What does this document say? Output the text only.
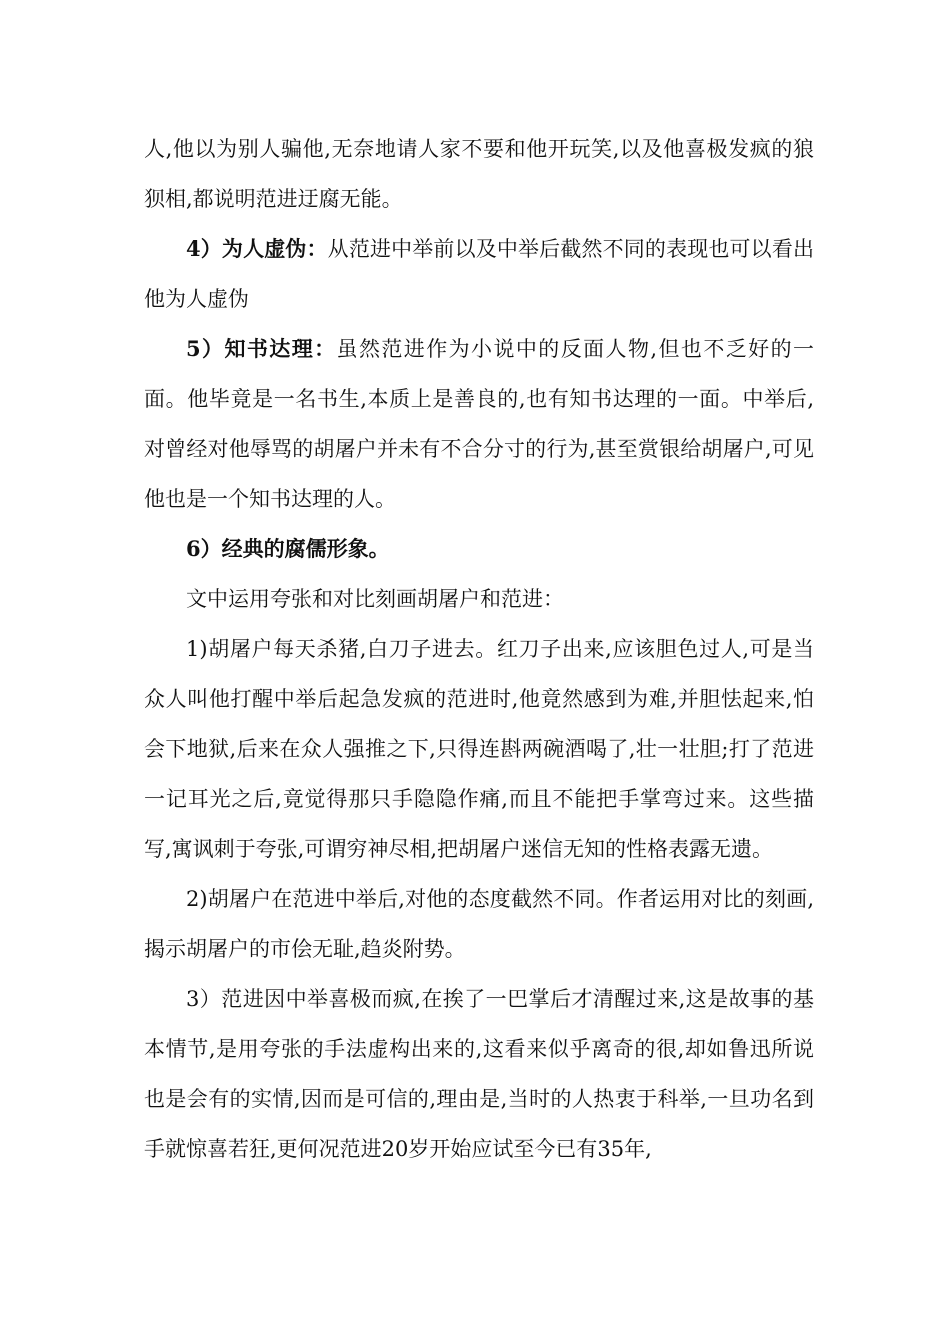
人,他以为别人骗他,无奈地请人家不要和他开玩笑,以及他喜极发疯的狼狈相,都说明范进迂腐无能。

4）为人虚伪：从范进中举前以及中举后截然不同的表现也可以看出他为人虚伪

5）知书达理：虽然范进作为小说中的反面人物,但也不乏好的一面。他毕竟是一名书生,本质上是善良的,也有知书达理的一面。中举后,对曾经对他辱骂的胡屠户并未有不合分寸的行为,甚至赏银给胡屠户,可见他也是一个知书达理的人。

6）经典的腐儒形象。

文中运用夸张和对比刻画胡屠户和范进：

1)胡屠户每天杀猪,白刀子进去。红刀子出来,应该胆色过人,可是当众人叫他打醒中举后起急发疯的范进时,他竟然感到为难,并胆怯起来,怕会下地狱,后来在众人强推之下,只得连斟两碗酒喝了,壮一壮胆;打了范进一记耳光之后,竟觉得那只手隐隐作痛,而且不能把手掌弯过来。这些描写,寓讽刺于夸张,可谓穷神尽相,把胡屠户迷信无知的性格表露无遗。

2)胡屠户在范进中举后,对他的态度截然不同。作者运用对比的刻画,揭示胡屠户的市侩无耻,趋炎附势。

3）范进因中举喜极而疯,在挨了一巴掌后才清醒过来,这是故事的基本情节,是用夸张的手法虚构出来的,这看来似乎离奇的很,却如鲁迅所说也是会有的实情,因而是可信的,理由是,当时的人热衷于科举,一旦功名到手就惊喜若狂,更何况范进20岁开始应试至今已有35年,
